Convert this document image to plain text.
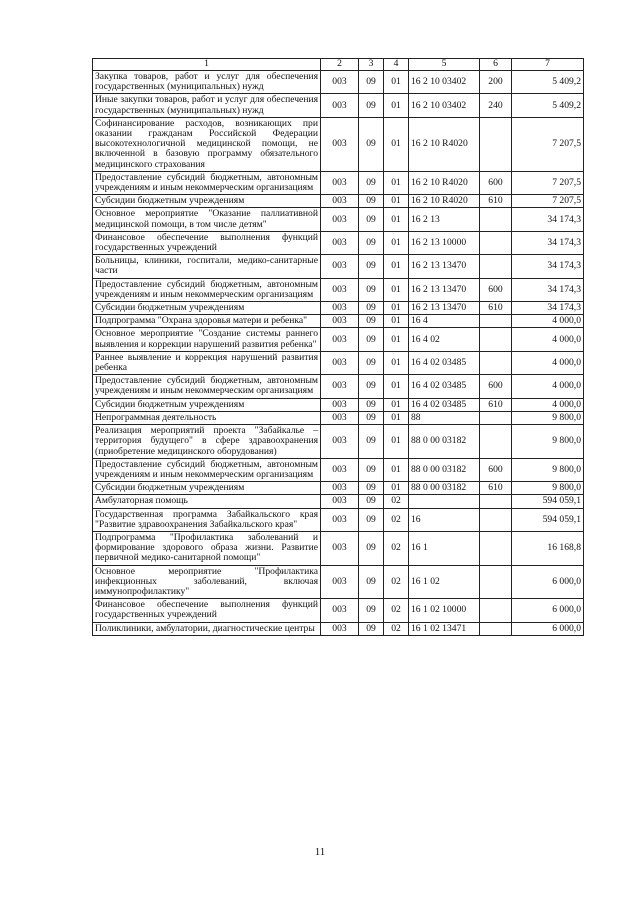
1	2	3	4	5	6	7
Закупка товаров, работ и услуг для обеспечения государственных (муниципальных) нужд	003	09	01	16 2 10 03402	200	5 409,2
Иные закупки товаров, работ и услуг для обеспечения государственных (муниципальных) нужд	003	09	01	16 2 10 03402	240	5 409,2
Софинансирование расходов, возникающих при оказании гражданам Российской Федерации высокотехнологичной медицинской помощи, не включенной в базовую программу обязательного медицинского страхования	003	09	01	16 2 10 R4020		7 207,5
Предоставление субсидий бюджетным, автономным учреждениям и иным некоммерческим организациям	003	09	01	16 2 10 R4020	600	7 207,5
Субсидии бюджетным учреждениям	003	09	01	16 2 10 R4020	610	7 207,5
Основное мероприятие "Оказание паллиативной медицинской помощи, в том числе детям"	003	09	01	16 2 13		34 174,3
Финансовое обеспечение выполнения функций государственных учреждений	003	09	01	16 2 13 10000		34 174,3
Больницы, клиники, госпитали, медико-санитарные части	003	09	01	16 2 13 13470		34 174,3
Предоставление субсидий бюджетным, автономным учреждениям и иным некоммерческим организациям	003	09	01	16 2 13 13470	600	34 174,3
Субсидии бюджетным учреждениям	003	09	01	16 2 13 13470	610	34 174,3
Подпрограмма "Охрана здоровья матери и ребенка"	003	09	01	16 4		4 000,0
Основное мероприятие "Создание системы раннего выявления и коррекции нарушений развития ребенка"	003	09	01	16 4 02		4 000,0
Раннее выявление и коррекция нарушений развития ребенка	003	09	01	16 4 02 03485		4 000,0
Предоставление субсидий бюджетным, автономным учреждениям и иным некоммерческим организациям	003	09	01	16 4 02 03485	600	4 000,0
Субсидии бюджетным учреждениям	003	09	01	16 4 02 03485	610	4 000,0
Непрограммная деятельность	003	09	01	88		9 800,0
Реализация мероприятий проекта "Забайкалье – территория будущего" в сфере здравоохранения (приобретение медицинского оборудования)	003	09	01	88 0 00 03182		9 800,0
Предоставление субсидий бюджетным, автономным учреждениям и иным некоммерческим организациям	003	09	01	88 0 00 03182	600	9 800,0
Субсидии бюджетным учреждениям	003	09	01	88 0 00 03182	610	9 800,0
Амбулаторная помощь	003	09	02			594 059,1
Государственная программа Забайкальского края "Развитие здравоохранения Забайкальского края"	003	09	02	16		594 059,1
Подпрограмма "Профилактика заболеваний и формирование здорового образа жизни. Развитие первичной медико-санитарной помощи"	003	09	02	16 1		16 168,8
Основное мероприятие "Профилактика инфекционных заболеваний, включая иммунопрофилактику"	003	09	02	16 1 02		6 000,0
Финансовое обеспечение выполнения функций государственных учреждений	003	09	02	16 1 02 10000		6 000,0
Поликлиники, амбулатории, диагностические центры	003	09	02	16 1 02 13471		6 000,0
11
